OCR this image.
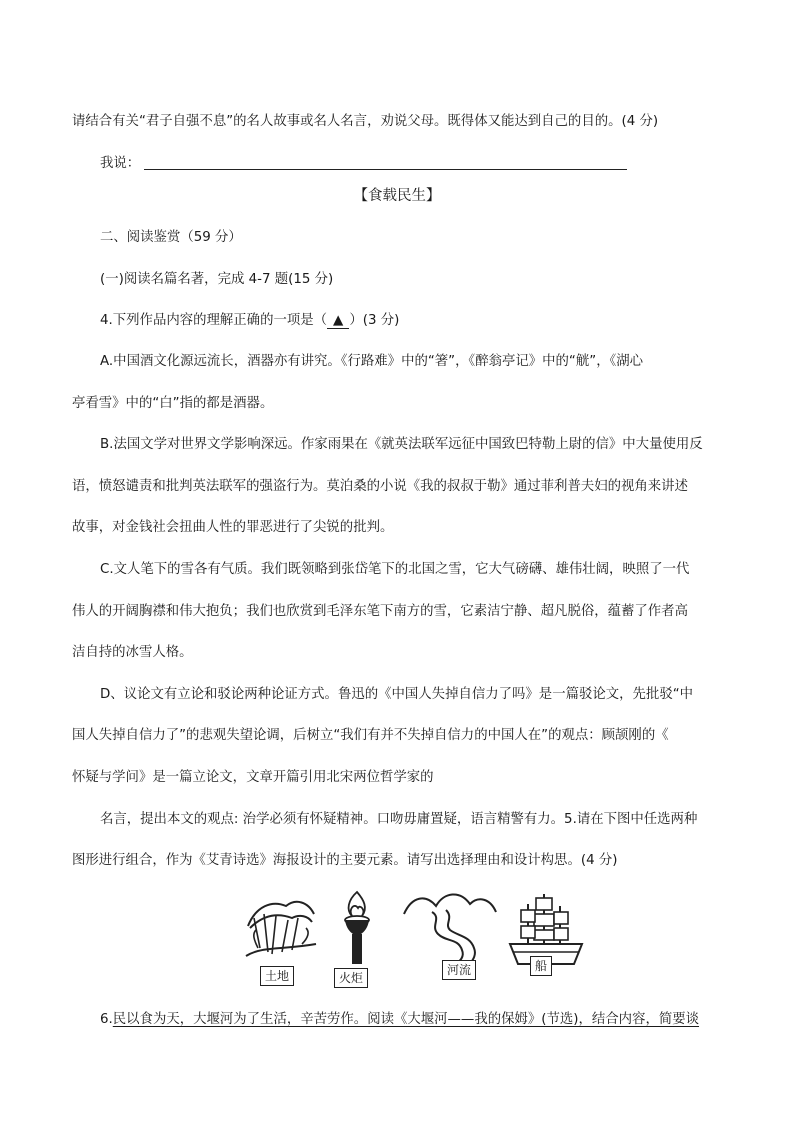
请结合有关“君子自强不息”的名人故事或名人名言，劝说父母。既得体又能达到自己的目的。(4 分)
我说：
【食载民生】
二、阅读鉴赏（59 分）
(一)阅读名篇名著，完成 4-7 题(15 分)
4.下列作品内容的理解正确的一项是（ ▲ ）(3 分)
A.中国酒文化源远流长，酒器亦有讲究。《行路难》中的“箸”，《醉翁亭记》中的“觥”，《湖心
亭看雪》中的“白”指的都是酒器。
B.法国文学对世界文学影响深远。作家雨果在《就英法联军远征中国致巴特勒上尉的信》中大量使用反
语，愤怒谴责和批判英法联军的强盗行为。莫泊桑的小说《我的叔叔于勒》通过菲利普夫妇的视角来讲述
故事，对金钱社会扭曲人性的罪恶进行了尖锐的批判。
C.文人笔下的雪各有气质。我们既领略到张岱笔下的北国之雪，它大气磅礴、雄伟壮阔，映照了一代
伟人的开阔胸襟和伟大抱负；我们也欣赏到毛泽东笔下南方的雪，它素洁宁静、超凡脱俗，蕴蓄了作者高
洁自持的冰雪人格。
D、议论文有立论和驳论两种论证方式。鲁迅的《中国人失掉自信力了吗》是一篇驳论文，先批驳“中
国人失掉自信力了”的悲观失望论调，后树立“我们有并不失掉自信力的中国人在”的观点：顾颉刚的《
怀疑与学问》是一篇立论文，文章开篇引用北宋两位哲学家的
名言，提出本文的观点: 治学必须有怀疑精神。口吻毋庸置疑，语言精警有力。5.请在下图中任选两种
图形进行组合，作为《艾青诗选》海报设计的主要元素。请写出选择理由和设计构思。(4 分)
土地	火炬
河流	船
6.民以食为天，大堰河为了生活，辛苦劳作。阅读《大堰河——我的保姆》(节选)，结合内容，简要谈
